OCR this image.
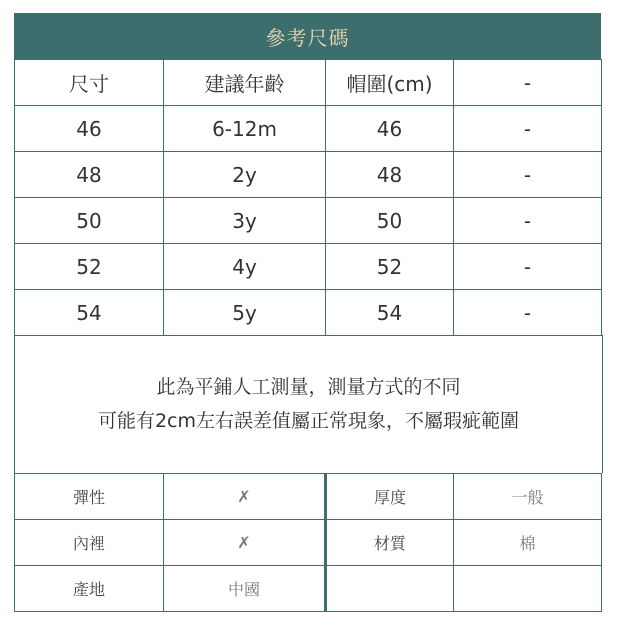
參考尺碼
尺寸	建議年齡	帽圍(cm)	-
46	6-12m	46	-
48	2y	48	-
50	3y	50	-
52	4y	52	-
54	5y	54	-
此為平鋪人工測量，測量方式的不同
可能有2cm左右誤差值屬正常現象，不屬瑕疵範圍
彈性	✗	厚度	一般
內裡	✗	材質	棉
產地	中國		
